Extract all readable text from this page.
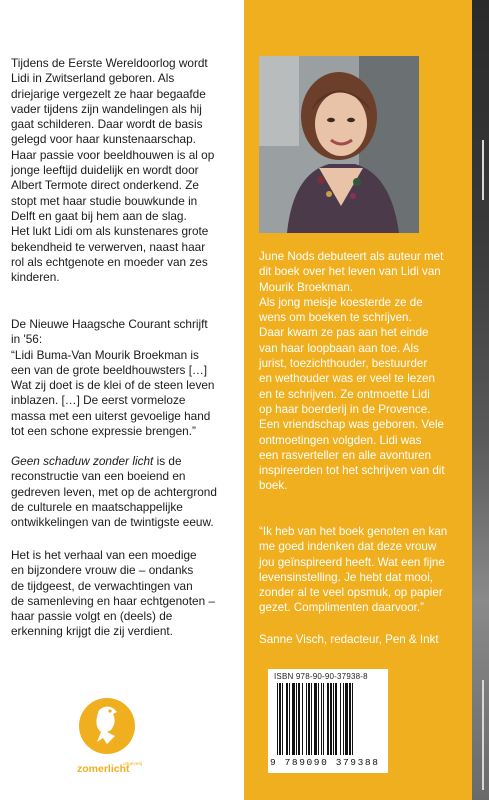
Tijdens de Eerste Wereldoorlog wordt
Lidi in Zwitserland geboren. Als
driejarige vergezelt ze haar begaafde
vader tijdens zijn wandelingen als hij
gaat schilderen. Daar wordt de basis
gelegd voor haar kunstenaarschap.
Haar passie voor beeldhouwen is al op
jonge leeftijd duidelijk en wordt door
Albert Termote direct onderkend. Ze
stopt met haar studie bouwkunde in
Delft en gaat bij hem aan de slag.
Het lukt Lidi om als kunstenares grote
bekendheid te verwerven, naast haar
rol als echtgenote en moeder van zes
kinderen.

De Nieuwe Haagsche Courant schrijft
in '56:
“Lidi Buma-Van Mourik Broekman is
een van de grote beeldhouwsters […]
Wat zij doet is de klei of de steen leven
inblazen. […] De eerst vormeloze
massa met een uiterst gevoelige hand
tot een schone expressie brengen.”

Geen schaduw zonder licht is de
reconstructie van een boeiend en
gedreven leven, met op de achtergrond
de culturele en maatschappelijke
ontwikkelingen van de twintigste eeuw.

Het is het verhaal van een moedige
en bijzondere vrouw die – ondanks
de tijdgeest, de verwachtingen van
de samenleving en haar echtgenoten –
haar passie volgt en (deels) de
erkenning krijgt die zij verdient.

June Nods debuteert als auteur met
dit boek over het leven van Lidi van
Mourik Broekman.
Als jong meisje koesterde ze de
wens om boeken te schrijven.
Daar kwam ze pas aan het einde
van haar loopbaan aan toe. Als
jurist, toezichthouder, bestuurder
en wethouder was er veel te lezen
en te schrijven. Ze ontmoette Lidi
op haar boerderij in de Provence.
Een vriendschap was geboren. Vele
ontmoetingen volgden. Lidi was
een rasverteller en alle avonturen
inspireerden tot het schrijven van dit
boek.

“Ik heb van het boek genoten en kan
me goed indenken dat deze vrouw
jou geïnspireerd heeft. Wat een fijne
levensinstelling. Je hebt dat mooi,
zonder al te veel opsmuk, op papier
gezet. Complimenten daarvoor.”

Sanne Visch, redacteur, Pen & Inkt

ISBN 978-90-90-37938-8
9 789090 379388
zomerlicht
uitgeverij
